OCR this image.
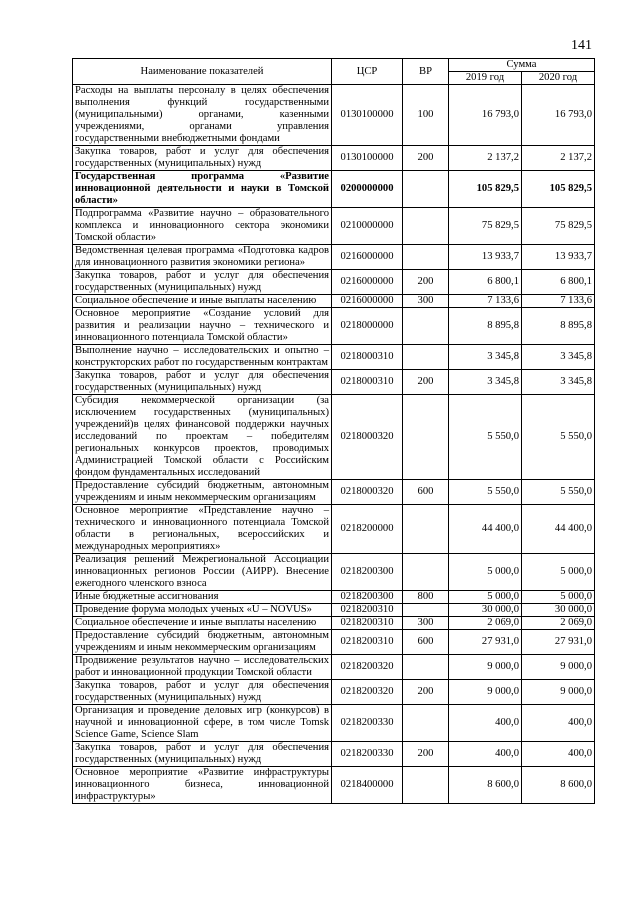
141
Наименование показателей	ЦСР	ВР	Сумма	
			2019 год	2020 год
Расходы на выплаты персоналу в целях обеспечения выполнения функций государственными (муниципальными) органами, казенными учреждениями, органами управления государственными внебюджетными фондами	0130100000	100	16 793,0	16 793,0
Закупка товаров, работ и услуг для обеспечения государственных (муниципальных) нужд	0130100000	200	2 137,2	2 137,2
Государственная программа «Развитие инновационной деятельности и науки в Томской области»	0200000000		105 829,5	105 829,5
Подпрограмма «Развитие научно – образовательного комплекса и инновационного сектора экономики Томской области»	0210000000		75 829,5	75 829,5
Ведомственная целевая программа «Подготовка кадров для инновационного развития экономики региона»	0216000000		13 933,7	13 933,7
Закупка товаров, работ и услуг для обеспечения государственных (муниципальных) нужд	0216000000	200	6 800,1	6 800,1
Социальное обеспечение и иные выплаты населению	0216000000	300	7 133,6	7 133,6
Основное мероприятие «Создание условий для развития и реализации научно – технического и инновационного потенциала Томской области»	0218000000		8 895,8	8 895,8
Выполнение научно – исследовательских и опытно – конструкторских работ по государственным контрактам	0218000310		3 345,8	3 345,8
Закупка товаров, работ и услуг для обеспечения государственных (муниципальных) нужд	0218000310	200	3 345,8	3 345,8
Субсидия некоммерческой организации (за исключением государственных (муниципальных) учреждений)в целях финансовой поддержки научных исследований по проектам – победителям региональных конкурсов проектов, проводимых Администрацией Томской области с Российским фондом фундаментальных исследований	0218000320		5 550,0	5 550,0
Предоставление субсидий бюджетным, автономным учреждениям и иным некоммерческим организациям	0218000320	600	5 550,0	5 550,0
Основное мероприятие «Представление научно – технического и инновационного потенциала Томской области в региональных, всероссийских и международных мероприятиях»	0218200000		44 400,0	44 400,0
Реализация решений Межрегиональной Ассоциации инновационных регионов России (АИРР). Внесение ежегодного членского взноса	0218200300		5 000,0	5 000,0
Иные бюджетные ассигнования	0218200300	800	5 000,0	5 000,0
Проведение форума молодых ученых «U – NOVUS»	0218200310		30 000,0	30 000,0
Социальное обеспечение и иные выплаты населению	0218200310	300	2 069,0	2 069,0
Предоставление субсидий бюджетным, автономным учреждениям и иным некоммерческим организациям	0218200310	600	27 931,0	27 931,0
Продвижение результатов научно – исследовательских работ и инновационной продукции Томской области	0218200320		9 000,0	9 000,0
Закупка товаров, работ и услуг для обеспечения государственных (муниципальных) нужд	0218200320	200	9 000,0	9 000,0
Организация и проведение деловых игр (конкурсов) в научной и инновационной сфере, в том числе Tomsk Science Game, Science Slam	0218200330		400,0	400,0
Закупка товаров, работ и услуг для обеспечения государственных (муниципальных) нужд	0218200330	200	400,0	400,0
Основное мероприятие «Развитие инфраструктуры инновационного бизнеса, инновационной инфраструктуры»	0218400000		8 600,0	8 600,0
